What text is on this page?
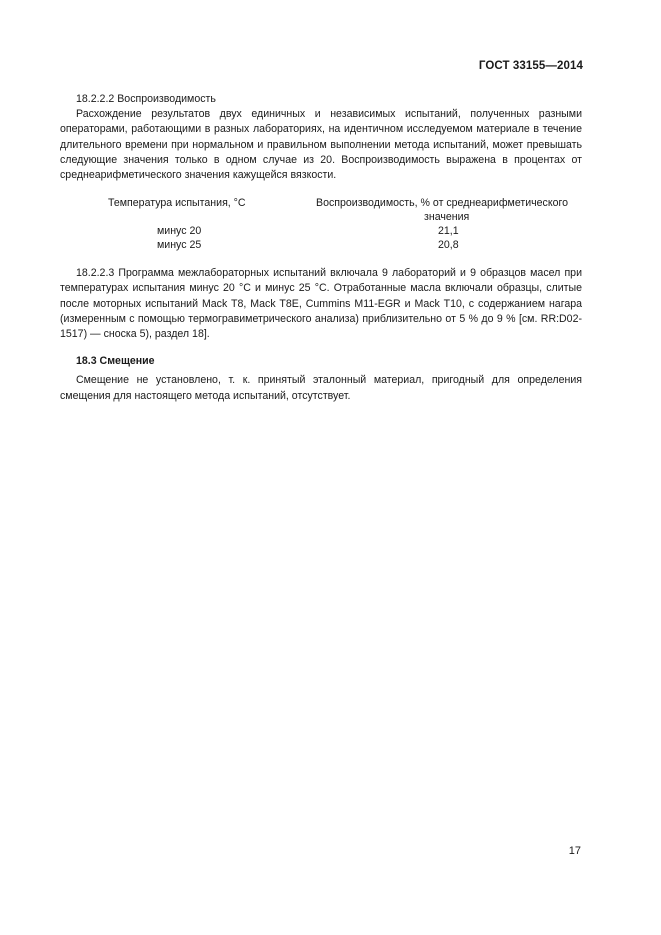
ГОСТ 33155—2014

18.2.2.2 Воспроизводимость

Расхождение результатов двух единичных и независимых испытаний, полученных разными операторами, работающими в разных лабораториях, на идентичном исследуемом материале в течение длительного времени при нормальном и правильном выполнении метода испытаний, может превышать следующие значения только в одном случае из 20. Воспроизводимость выражена в процентах от среднеарифметического значения кажущейся вязкости.

Температура испытания, °C	Воспроизводимость, % от среднеарифметического
значения
минус 20	21,1
минус 25	20,8

18.2.2.3 Программа межлабораторных испытаний включала 9 лабораторий и 9 образцов масел при температурах испытания минус 20 °C и минус 25 °C. Отработанные масла включали образцы, слитые после моторных испытаний Mack T8, Mack T8E, Cummins M11-EGR и Mack T10, с содержанием нагара (измеренным с помощью термогравиметрического анализа) приблизительно от 5 % до 9 % [см. RR:D02-1517) — сноска 5), раздел 18].

18.3 Смещение

Смещение не установлено, т. к. принятый эталонный материал, пригодный для определения смещения для настоящего метода испытаний, отсутствует.

17
